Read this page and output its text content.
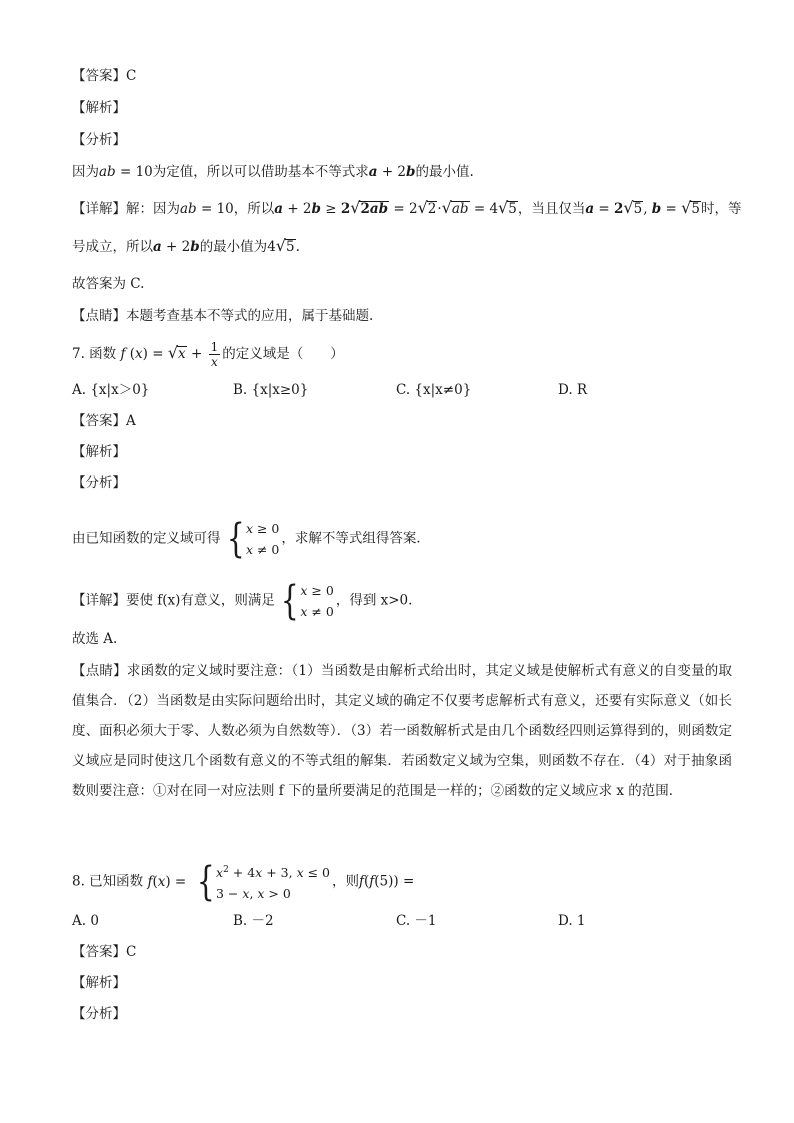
【答案】C
【解析】
【分析】
因为ab = 10为定值，所以可以借助基本不等式求a + 2b的最小值.
【详解】解：因为ab = 10，所以a + 2b ≥ 2√2ab = 2√2·√ab = 4√5，当且仅当a = 2√5, b = √5时，等
号成立，所以a + 2b的最小值为4√5.
故答案为 C.
【点睛】本题考查基本不等式的应用，属于基础题.
7. 函数 f $(x) = √x + \frac{1}{x}$ 的定义域是（　　）
A. {x|x＞0}	B. {x|x≥0}	C. {x|x≠0}	D. R
【答案】A
【解析】
【分析】
由已知函数的定义域可得 { x ≥ 0
x ≠ 0
，求解不等式组得答案．
【详解】要使 f(x)有意义，则满足 { x ≥ 0
x ≠ 0
，得到 x>0.
故选 A.
【点睛】求函数的定义域时要注意：（1）当函数是由解析式给出时，其定义域是使解析式有意义的自变量的取值集合．（2）当函数是由实际问题给出时，其定义域的确定不仅要考虑解析式有意义，还要有实际意义（如长度、面积必须大于零、人数必须为自然数等）．（3）若一函数解析式是由几个函数经四则运算得到的，则函数定义域应是同时使这几个函数有意义的不等式组的解集．若函数定义域为空集，则函数不存在．（4）对于抽象函数则要注意：①对在同一对应法则 f 下的量所要满足的范围是一样的；②函数的定义域应求 x 的范围．
8. 已知函数 f(x) = { $x^2 + 4x + 3$, x ≤ 0
3 − x, x > 0
，则f(f(5)) =
A. 0	B. －2	C. －1	D. 1
【答案】C
【解析】
【分析】
